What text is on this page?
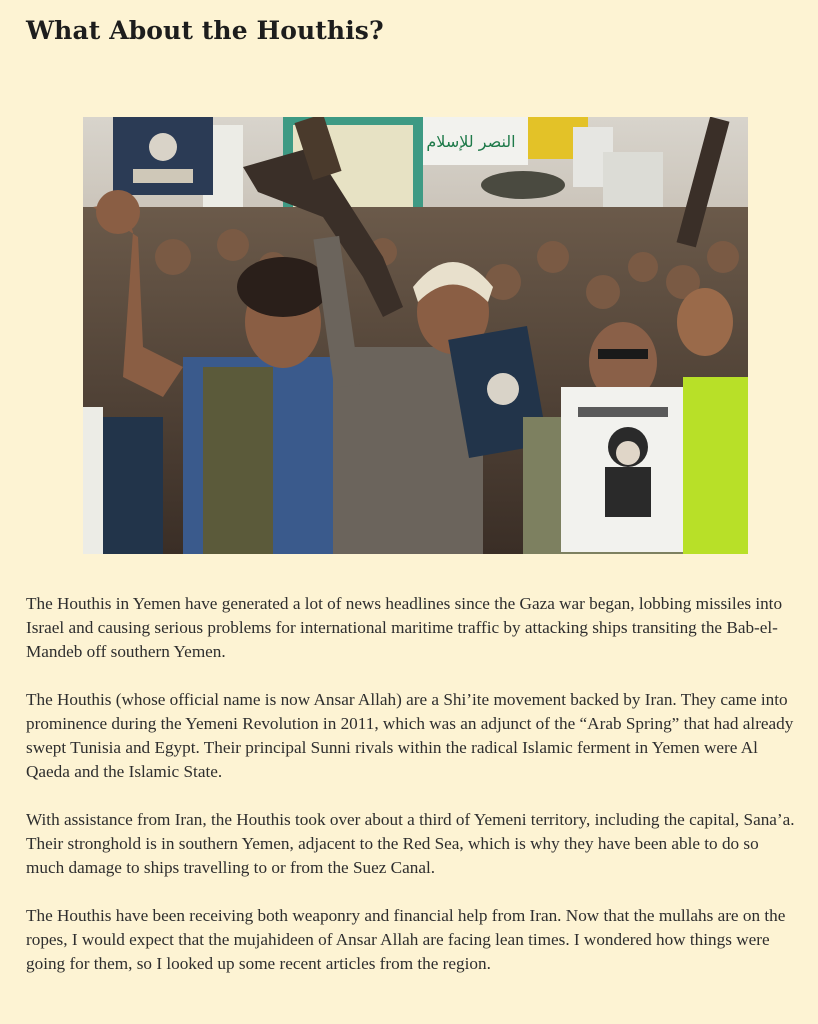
What About the Houthis?
النصر للإسلام

The Houthis in Yemen have generated a lot of news headlines since the Gaza war began, lobbing missiles into Israel and causing serious problems for international maritime traffic by attacking ships transiting the Bab-el-Mandeb off southern Yemen.

The Houthis (whose official name is now Ansar Allah) are a Shi’ite movement backed by Iran. They came into prominence during the Yemeni Revolution in 2011, which was an adjunct of the “Arab Spring” that had already swept Tunisia and Egypt. Their principal Sunni rivals within the radical Islamic ferment in Yemen were Al Qaeda and the Islamic State.

With assistance from Iran, the Houthis took over about a third of Yemeni territory, including the capital, Sana’a. Their stronghold is in southern Yemen, adjacent to the Red Sea, which is why they have been able to do so much damage to ships travelling to or from the Suez Canal.

The Houthis have been receiving both weaponry and financial help from Iran. Now that the mullahs are on the ropes, I would expect that the mujahideen of Ansar Allah are facing lean times. I wondered how things were going for them, so I looked up some recent articles from the region.
